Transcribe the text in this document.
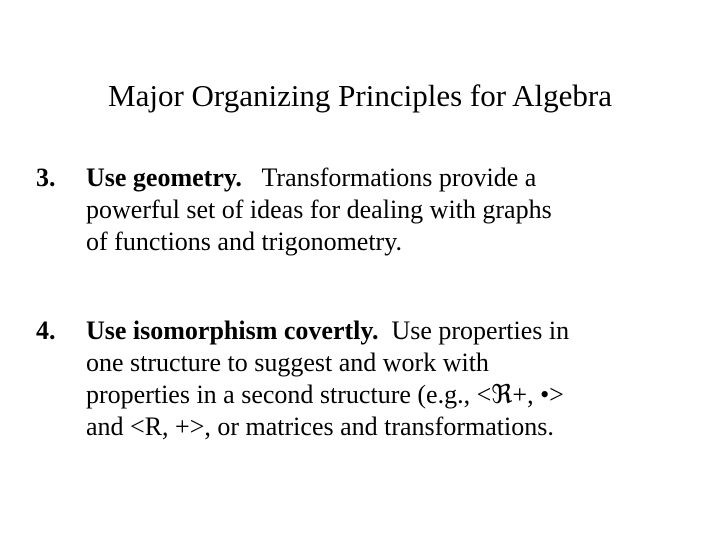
Major Organizing Principles for Algebra
3. Use geometry. Transformations provide a
powerful set of ideas for dealing with graphs
of functions and trigonometry.
4. Use isomorphism covertly. Use properties in
one structure to suggest and work with
properties in a second structure (e.g., <ℜ+, •>
and <R, +>, or matrices and transformations.
